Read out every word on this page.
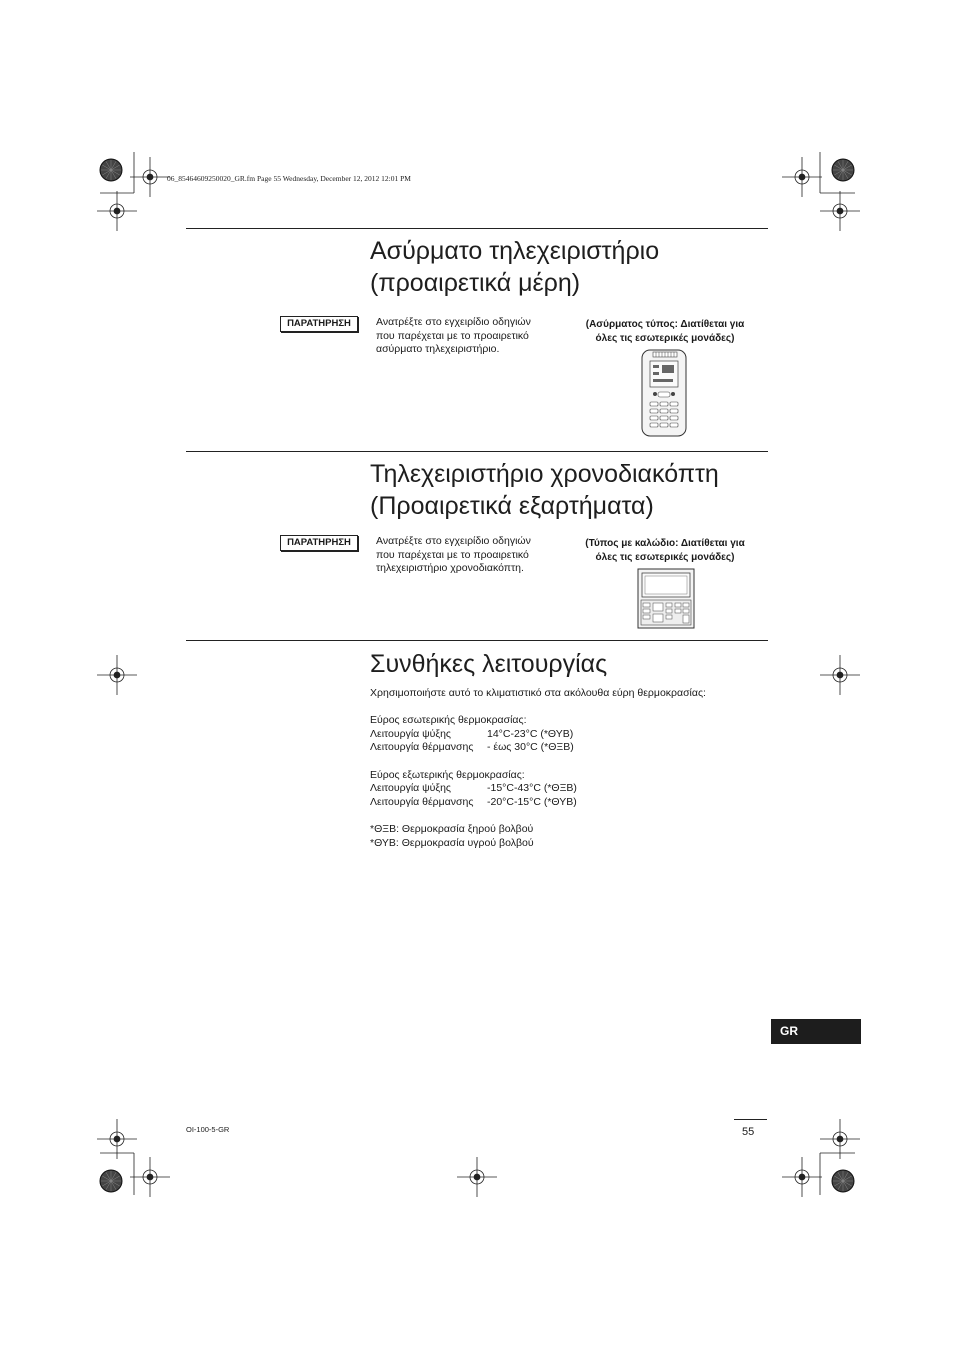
06_85464609250020_GR.fm Page 55 Wednesday, December 12, 2012 12:01 PM
Ασύρματο τηλεχειριστήριο
(προαιρετικά μέρη)
ΠΑΡΑΤΗΡΗΣΗ	Ανατρέξτε στο εγχειρίδιο οδηγιών
που παρέχεται με το προαιρετικό
ασύρματο τηλεχειριστήριο.
(Ασύρματος τύπος: Διατίθεται για
όλες τις εσωτερικές μονάδες)
Τηλεχειριστήριο χρονοδιακόπτη
(Προαιρετικά εξαρτήματα)
ΠΑΡΑΤΗΡΗΣΗ	Ανατρέξτε στο εγχειρίδιο οδηγιών
που παρέχεται με το προαιρετικό
τηλεχειριστήριο χρονοδιακόπτη.
(Τύπος με καλώδιο: Διατίθεται για
όλες τις εσωτερικές μονάδες)
Συνθήκες λειτουργίας
Χρησιμοποιήστε αυτό το κλιματιστικό στα ακόλουθα εύρη θερμοκρασίας:
Εύρος εσωτερικής θερμοκρασίας:
Λειτουργία ψύξης	14°C-23°C (*ΘΥΒ)
Λειτουργία θέρμανσης - έως 30°C (*ΘΞΒ)
Εύρος εξωτερικής θερμοκρασίας:
Λειτουργία ψύξης	-15°C-43°C (*ΘΞΒ)
Λειτουργία θέρμανσης -20°C-15°C (*ΘΥΒ)
*ΘΞΒ: Θερμοκρασία ξηρού βολβού
*ΘΥΒ: Θερμοκρασία υγρού βολβού
GR
OI-100-5-GR	55
